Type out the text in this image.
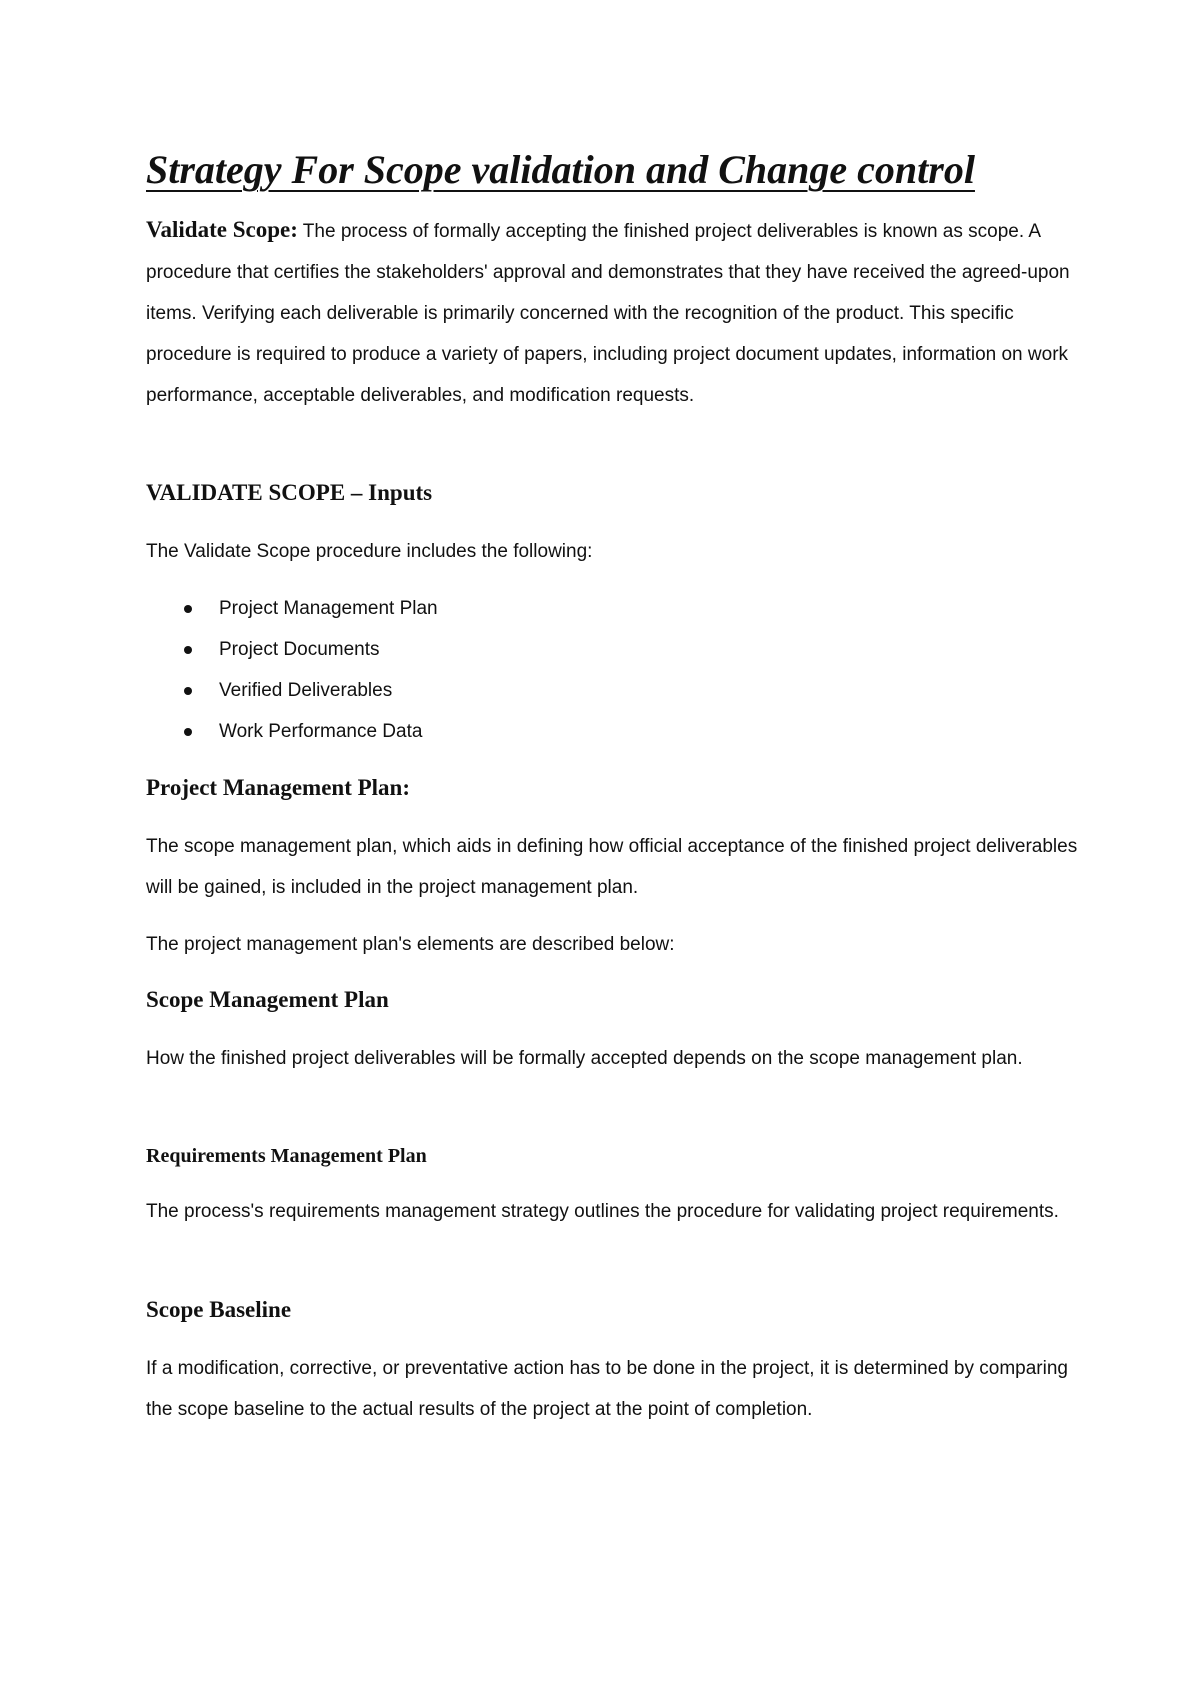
Strategy For Scope validation and Change control

Validate Scope: The process of formally accepting the finished project deliverables is known as scope. A procedure that certifies the stakeholders' approval and demonstrates that they have received the agreed-upon items. Verifying each deliverable is primarily concerned with the recognition of the product. This specific procedure is required to produce a variety of papers, including project document updates, information on work performance, acceptable deliverables, and modification requests.

VALIDATE SCOPE – Inputs

The Validate Scope procedure includes the following:

Project Management Plan
Project Documents
Verified Deliverables
Work Performance Data
Project Management Plan:

The scope management plan, which aids in defining how official acceptance of the finished project deliverables will be gained, is included in the project management plan.

The project management plan's elements are described below:

Scope Management Plan

How the finished project deliverables will be formally accepted depends on the scope management plan.

Requirements Management Plan

The process's requirements management strategy outlines the procedure for validating project requirements.

Scope Baseline

If a modification, corrective, or preventative action has to be done in the project, it is determined by comparing the scope baseline to the actual results of the project at the point of completion.
